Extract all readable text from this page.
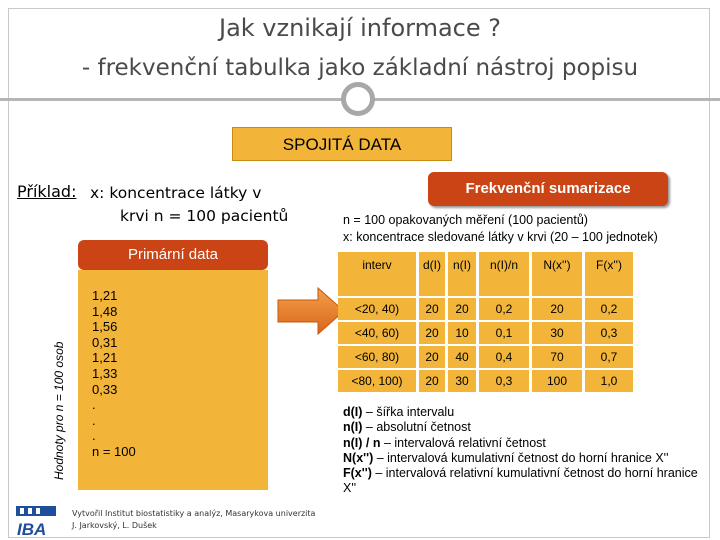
Jak vznikají informace ?
- frekvenční tabulka jako základní nástroj popisu
SPOJITÁ DATA
Příklad: x: koncentrace látky v
krvi n = 100 pacientů
Frekvenční sumarizace
n = 100 opakovaných měření (100 pacientů)
x: koncentrace sledované látky v krvi (20 – 100 jednotek)
Primární data
1,21
1,48
1,56
0,31
1,21
1,33
0,33
.
.
.
n = 100
Hodnoty pro n = 100 osob
interv	d(I)	n(I)	n(I)/n	N(x'')	F(x'')
<20, 40)	20	20	0,2	20	0,2
<40, 60)	20	10	0,1	30	0,3
<60, 80)	20	40	0,4	70	0,7
<80, 100)	20	30	0,3	100	1,0
d(I) – šířka intervalu
n(I) – absolutní četnost
n(I) / n – intervalová relativní četnost
N(x'') – intervalová kumulativní četnost do horní hranice X''
F(x'') – intervalová relativní kumulativní četnost do horní hranice X''
IBA
Vytvořil Institut biostatistiky a analýz, Masarykova univerzita
J. Jarkovský, L. Dušek
